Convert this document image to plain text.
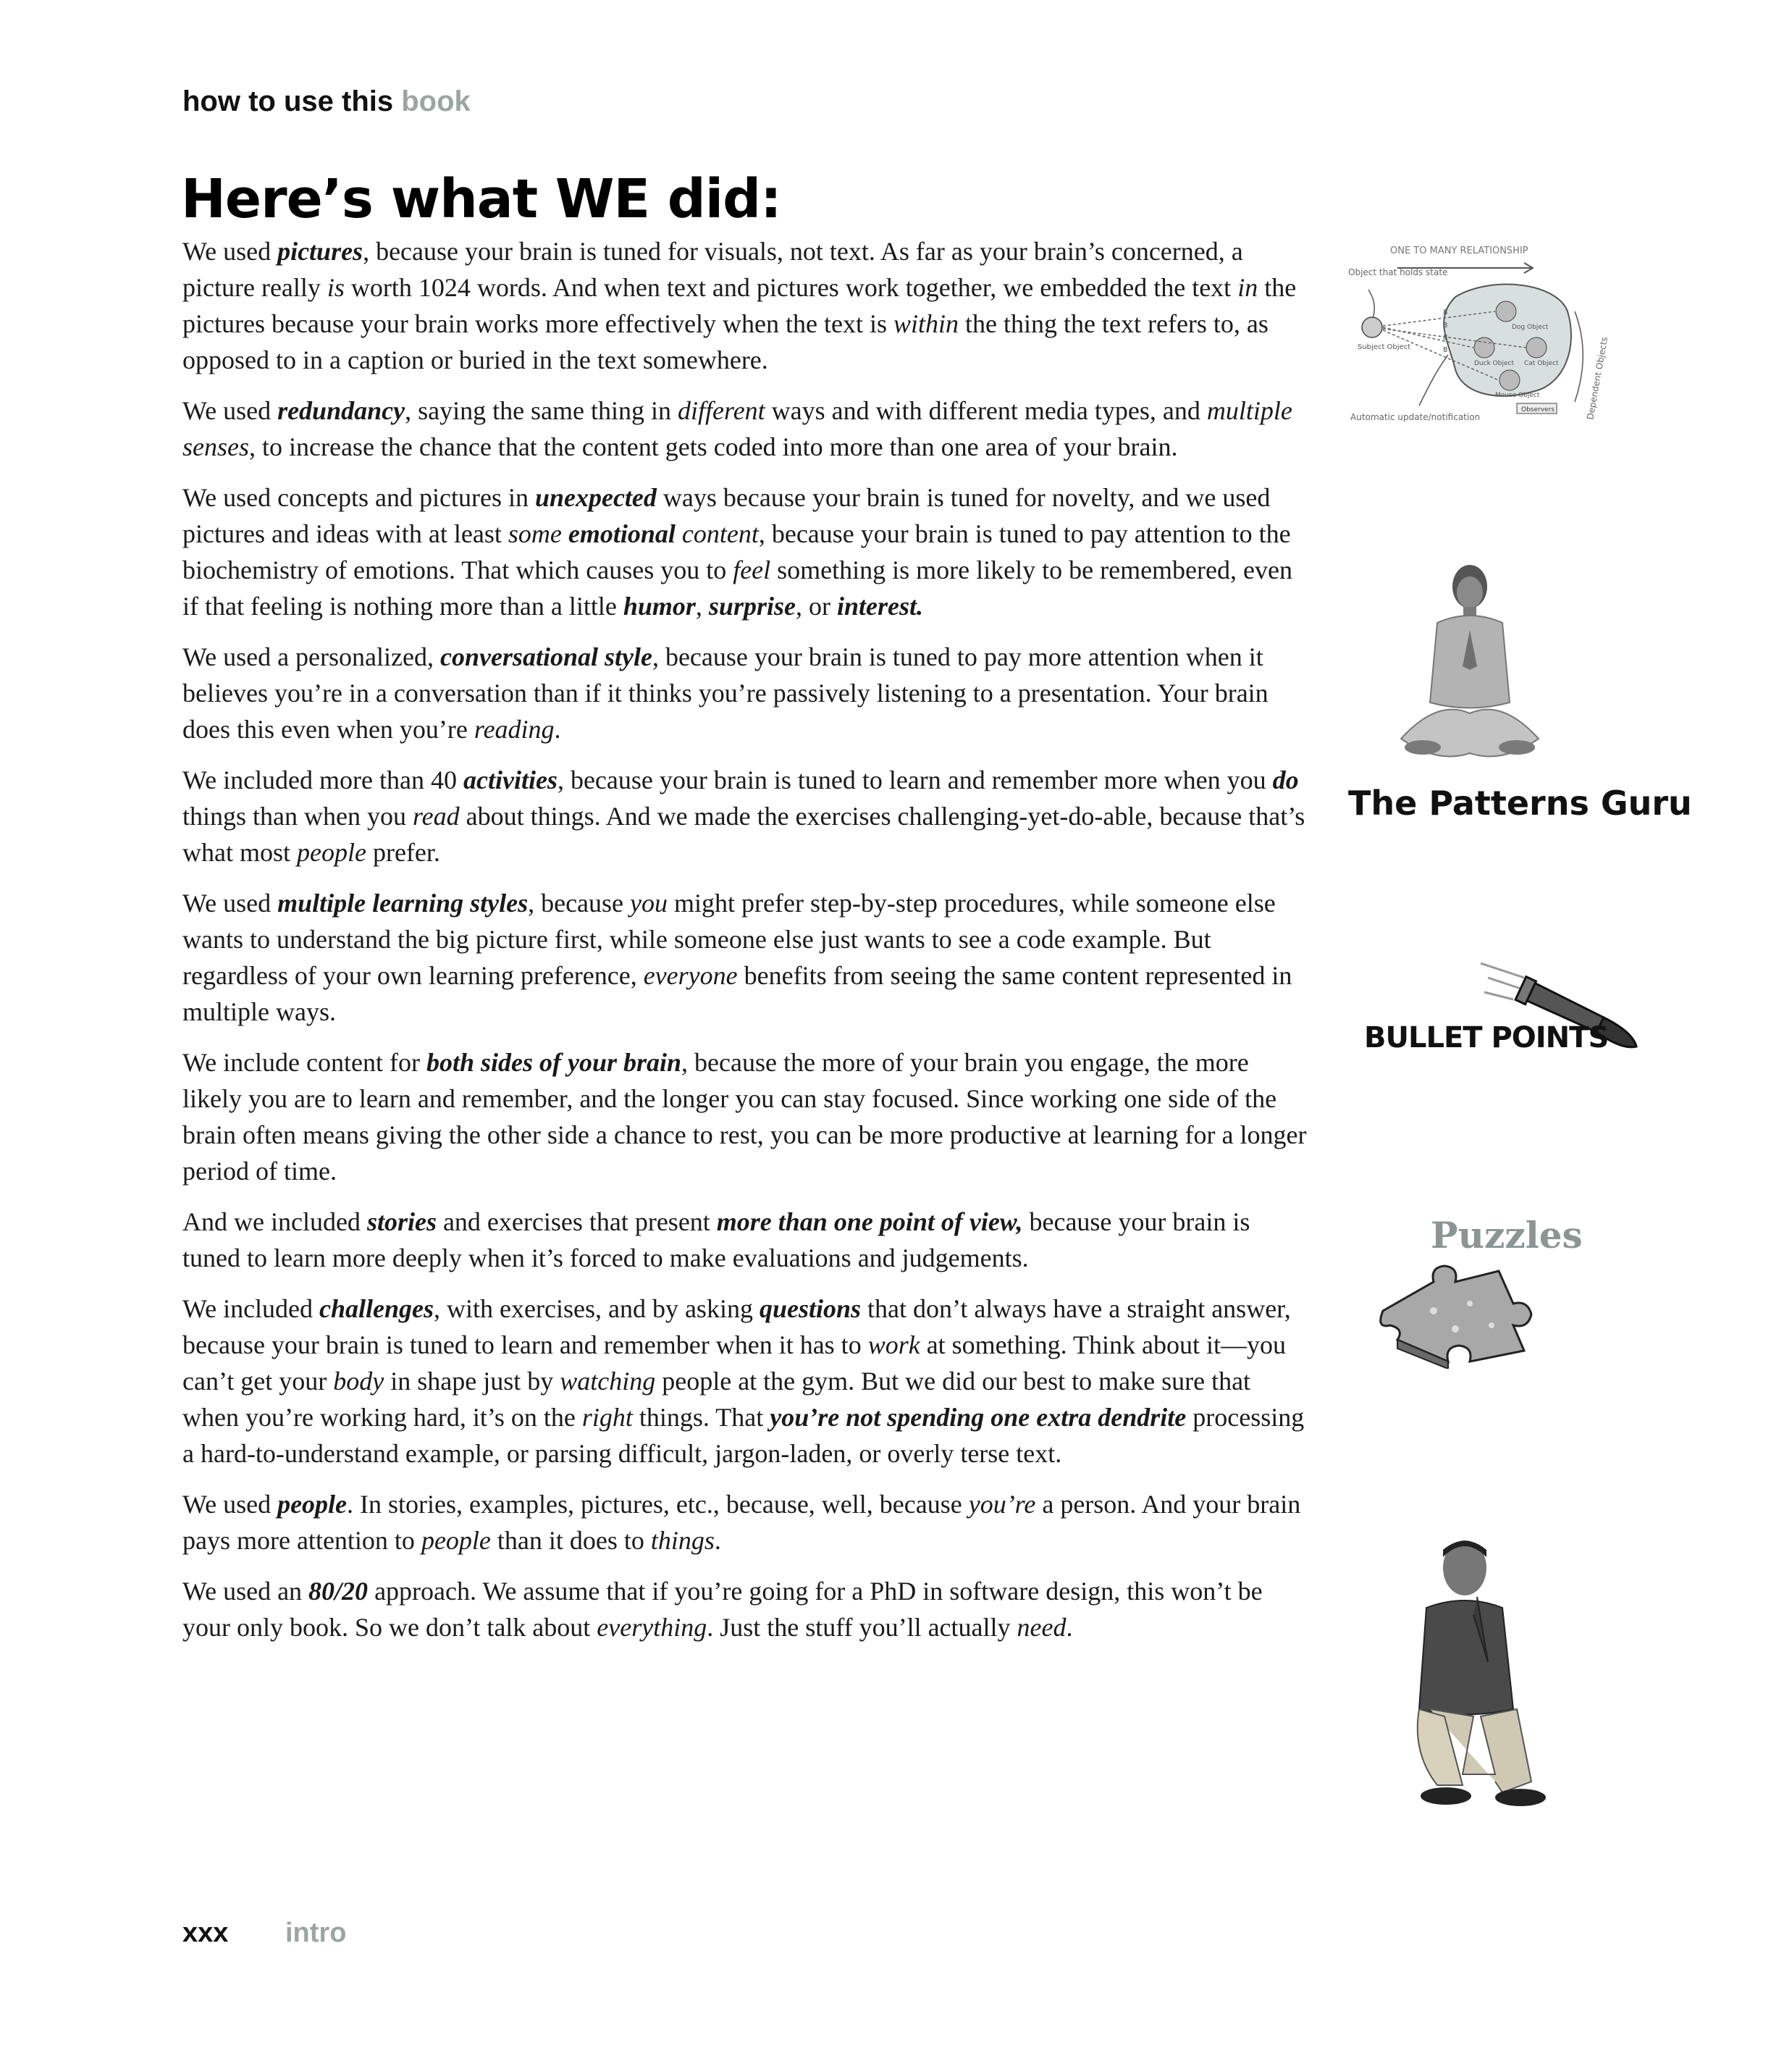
how to use this book
Here’s what WE did:

We used pictures, because your brain is tuned for visuals, not text. As far as your brain’s concerned, a picture really is worth 1024 words. And when text and pictures work together, we embedded the text in the pictures because your brain works more effectively when the text is within the thing the text refers to, as opposed to in a caption or buried in the text somewhere.

We used redundancy, saying the same thing in different ways and with different media types, and multiple senses, to increase the chance that the content gets coded into more than one area of your brain.

We used concepts and pictures in unexpected ways because your brain is tuned for novelty, and we used pictures and ideas with at least some emotional content, because your brain is tuned to pay attention to the biochemistry of emotions. That which causes you to feel something is more likely to be remembered, even if that feeling is nothing more than a little humor, surprise, or interest.

We used a personalized, conversational style, because your brain is tuned to pay more attention when it believes you’re in a conversation than if it thinks you’re passively listening to a presentation. Your brain does this even when you’re reading.

We included more than 40 activities, because your brain is tuned to learn and remember more when you do things than when you read about things. And we made the exercises challenging-yet-do-able, because that’s what most people prefer.

We used multiple learning styles, because you might prefer step-by-step procedures, while someone else wants to understand the big picture first, while someone else just wants to see a code example. But regardless of your own learning preference, everyone benefits from seeing the same content represented in multiple ways.

We include content for both sides of your brain, because the more of your brain you engage, the more likely you are to learn and remember, and the longer you can stay focused. Since working one side of the brain often means giving the other side a chance to rest, you can be more productive at learning for a longer period of time.

And we included stories and exercises that present more than one point of view, because your brain is tuned to learn more deeply when it’s forced to make evaluations and judgements.

We included challenges, with exercises, and by asking questions that don’t always have a straight answer, because your brain is tuned to learn and remember when it has to work at something. Think about it—you can’t get your body in shape just by watching people at the gym. But we did our best to make sure that when you’re working hard, it’s on the right things. That you’re not spending one extra dendrite processing a hard-to-understand example, or parsing difficult, jargon-laden, or overly terse text.

We used people. In stories, examples, pictures, etc., because, well, because you’re a person. And your brain pays more attention to people than it does to things.

We used an 80/20 approach. We assume that if you’re going for a PhD in software design, this won’t be your only book. So we don’t talk about everything. Just the stuff you’ll actually need.

ONE TO MANY RELATIONSHIP
Object that holds state
Subject Object
Dog Object
Duck Object Cat Object
Mouse Object
8
8
8
8	Dependent Objects
Automatic update/notification
Observers
The Patterns Guru
BULLET POINTS
Puzzles
xxx intro
